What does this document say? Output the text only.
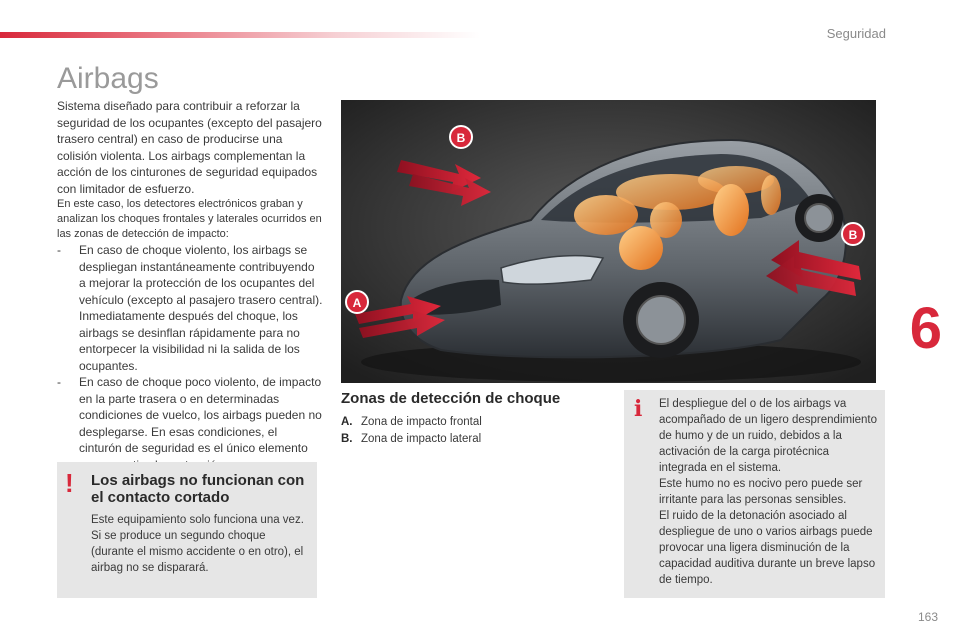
Seguridad
6
163
Airbags

Sistema diseñado para contribuir a reforzar la seguridad de los ocupantes (excepto del pasajero trasero central) en caso de producirse una colisión violenta. Los airbags complementan la acción de los cinturones de seguridad equipados con limitador de esfuerzo.

En este caso, los detectores electrónicos graban y analizan los choques frontales y laterales ocurridos en las zonas de detección de impacto:

- En caso de choque violento, los airbags se despliegan instantáneamente contribuyendo a mejorar la protección de los ocupantes del vehículo (excepto al pasajero trasero central). Inmediatamente después del choque, los airbags se desinflan rápidamente para no entorpecer la visibilidad ni la salida de los ocupantes.
- En caso de choque poco violento, de impacto en la parte trasera o en determinadas condiciones de vuelco, los airbags pueden no desplegarse. En esas condiciones, el cinturón de seguridad es el único elemento
! Los airbags no funcionan con el contacto cortado
Este equipamiento solo funciona una vez. Si se produce un segundo choque (durante el mismo accidente o en otro), el airbag no se disparará.
B
B
A
Zonas de detección de choque
A. Zona de impacto frontal
B. Zona de impacto lateral
i El despliegue del o de los airbags va acompañado de un ligero desprendimiento de humo y de un ruido, debidos a la activación de la carga pirotécnica integrada en el sistema.

Este humo no es nocivo pero puede ser irritante para las personas sensibles.

El ruido de la detonación asociado al despliegue de uno o varios airbags puede provocar una ligera disminución de la capacidad auditiva durante un breve lapso de tiempo.
